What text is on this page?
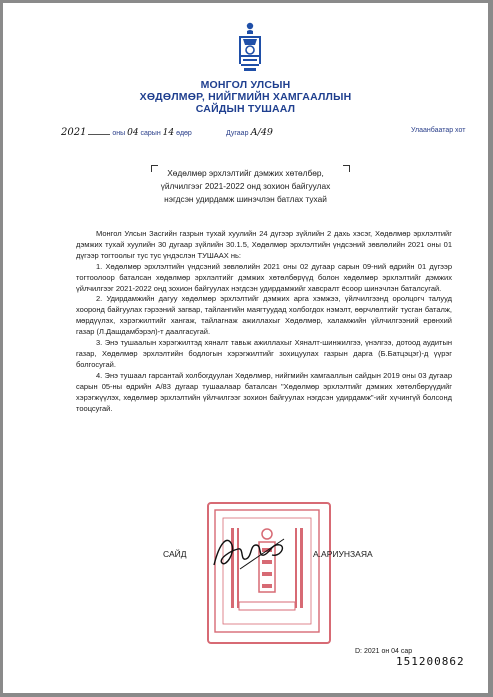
МОНГОЛ УЛСЫН
ХӨДӨЛМӨР, НИЙГМИЙН ХАМГААЛЛЫН
САЙДЫН ТУШААЛ
2021	оны 04 сарын 14 өдөр	Дугаар А/49	Улаанбаатар хот
Хөдөлмөр эрхлэлтийг дэмжих хөтөлбөр,
үйлчилгээг 2021-2022 онд зохион байгуулах
нэгдсэн удирдамж шинэчлэн батлах тухай

Монгол Улсын Засгийн газрын тухай хуулийн 24 дүгээр зүйлийн 2 дахь хэсэг, Хөдөлмөр эрхлэлтийг дэмжих тухай хуулийн 30 дугаар зүйлийн 30.1.5, Хөдөлмөр эрхлэлтийн үндсэний зөвлөлийн 2021 оны 01 дүгээр тогтоолыг тус тус үндэслэн ТУШААХ нь:

1. Хөдөлмөр эрхлэлтийн үндсэний зөвлөлийн 2021 оны 02 дугаар сарын 09-ний өдрийн 01 дүгээр тогтоолоор баталсан хөдөлмөр эрхлэлтийг дэмжих хөтөлбөрүүд болон хөдөлмөр эрхлэлтийг дэмжих үйлчилгээг 2021-2022 онд зохион байгуулах нэгдсэн удирдамжийг хавсралт ёсоор шинэчлэн баталсугай.

2. Удирдамжийн дагуу хөдөлмөр эрхлэлтийг дэмжих арга хэмжээ, үйлчилгээнд оролцогч талууд хооронд байгуулах гэрээний загвар, тайлангийн маягтуудад холбогдох нэмэлт, өөрчлөлтийг тусган баталж, мөрдүүлэх, хэрэгжилтийг хангаж, тайлагнаж ажиллахыг Хөдөлмөр, халамжийн үйлчилгээний ерөнхий газар (Л.Дашдамбэрэл)-т даалгасугай.

3. Энэ тушаалын хэрэгжилтэд хяналт тавьж ажиллахыг Хяналт-шинжилгээ, үнэлгээ, дотоод аудитын газар, Хөдөлмөр эрхлэлтийн бодлогын хэрэгжилтийг зохицуулах газрын дарга (Б.Батцэцэг)-д үүрэг болгосугай.

4. Энэ тушаал гарсантай холбогдуулан Хөдөлмөр, нийгмийн хамгааллын сайдын 2019 оны 03 дугаар сарын 05-ны өдрийн А/83 дугаар тушаалаар баталсан "Хөдөлмөр эрхлэлтийг дэмжих хөтөлбөрүүдийг хэрэгжүүлэх, хөдөлмөр эрхлэлтийн үйлчилгээг зохион байгуулах нэгдсэн удирдамж"-ийг хүчингүй болсонд тооцсугай.

САЙД	А.АРИУНЗАЯА
D: 2021 он 04 сар
151200862
